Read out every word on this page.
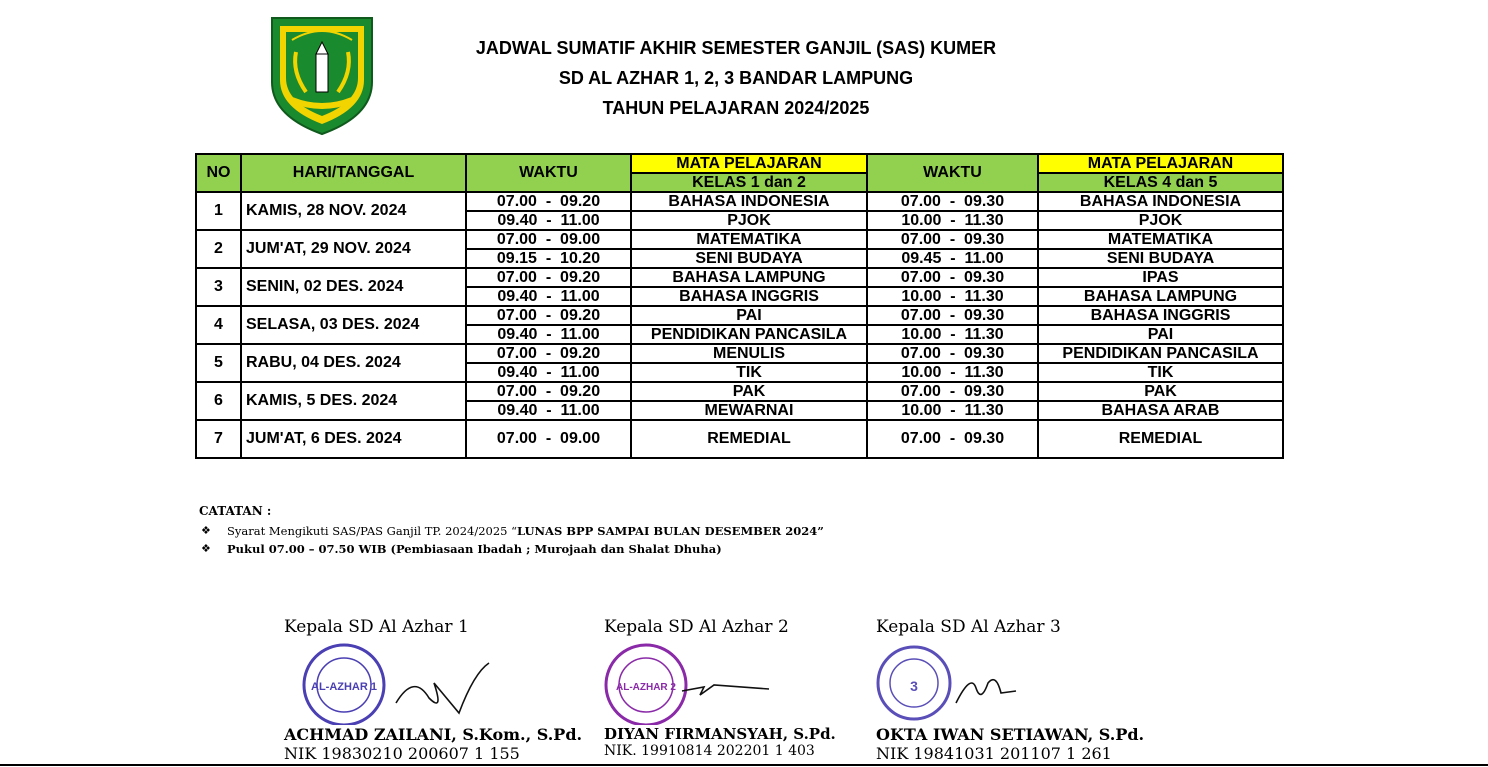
JADWAL SUMATIF AKHIR SEMESTER GANJIL (SAS) KUMER
SD AL AZHAR 1, 2, 3 BANDAR LAMPUNG
TAHUN PELAJARAN 2024/2025
NO	HARI/TANGGAL	WAKTU	MATA PELAJARAN	WAKTU	MATA PELAJARAN
			KELAS 1 dan 2		KELAS 4 dan 5
1	KAMIS, 28 NOV. 2024	07.00  -  09.20	BAHASA INDONESIA	07.00  -  09.30	BAHASA INDONESIA
		09.40  -  11.00	PJOK	10.00  -  11.30	PJOK
2	JUM'AT, 29 NOV. 2024	07.00  -  09.00	MATEMATIKA	07.00  -  09.30	MATEMATIKA
		09.15  -  10.20	SENI BUDAYA	09.45  -  11.00	SENI BUDAYA
3	SENIN, 02 DES. 2024	07.00  -  09.20	BAHASA LAMPUNG	07.00  -  09.30	IPAS
		09.40  -  11.00	BAHASA INGGRIS	10.00  -  11.30	BAHASA LAMPUNG
4	SELASA, 03 DES. 2024	07.00  -  09.20	PAI	07.00  -  09.30	BAHASA INGGRIS
		09.40  -  11.00	PENDIDIKAN PANCASILA	10.00  -  11.30	PAI
5	RABU, 04 DES. 2024	07.00  -  09.20	MENULIS	07.00  -  09.30	PENDIDIKAN PANCASILA
		09.40  -  11.00	TIK	10.00  -  11.30	TIK
6	KAMIS, 5 DES. 2024	07.00  -  09.20	PAK	07.00  -  09.30	PAK
		09.40  -  11.00	MEWARNAI	10.00  -  11.30	BAHASA ARAB
7	JUM'AT, 6 DES. 2024	07.00  -  09.00	REMEDIAL	07.00  -  09.30	REMEDIAL
CATATAN :
❖ Syarat Mengikuti SAS/PAS Ganjil TP. 2024/2025 “LUNAS BPP SAMPAI BULAN DESEMBER 2024”
❖ Pukul 07.00 – 07.50 WIB (Pembiasaan Ibadah ; Murojaah dan Shalat Dhuha)
Kepala SD Al Azhar 1
AL-AZHAR 1
ACHMAD ZAILANI, S.Kom., S.Pd.
NIK 19830210 200607 1 155
Kepala SD Al Azhar 2
AL-AZHAR 2
DIYAN FIRMANSYAH, S.Pd.
NIK. 19910814 202201 1 403
Kepala SD Al Azhar 3
3
OKTA IWAN SETIAWAN, S.Pd.
NIK 19841031 201107 1 261
